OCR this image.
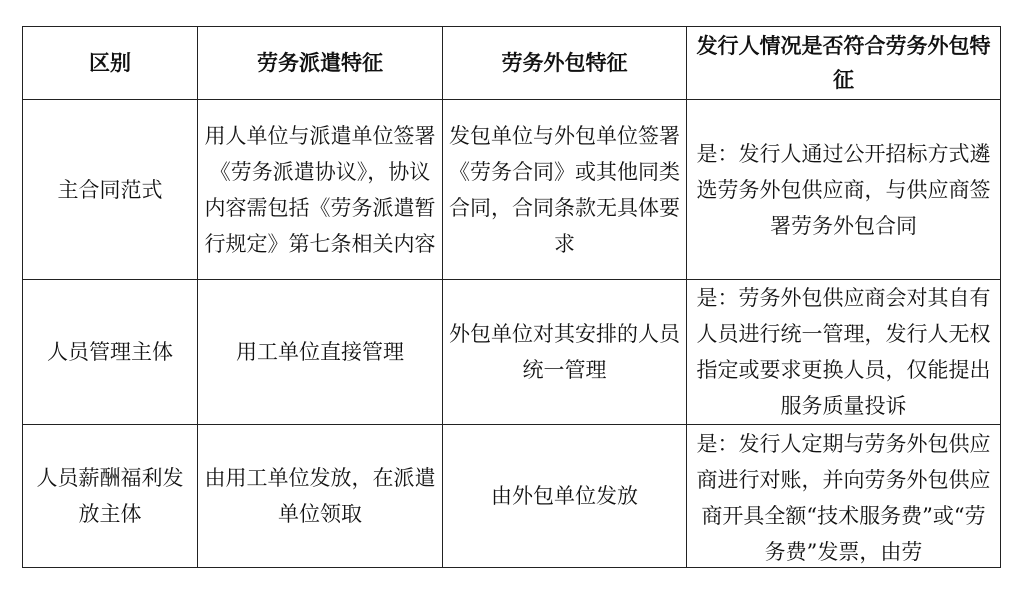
区别	劳务派遣特征	劳务外包特征	发行人情况是否符合劳务外包特征

主合同范式	用人单位与派遣单位签署《劳务派遣协议》，协议内容需包括《劳务派遣暂行规定》第七条相关内容	发包单位与外包单位签署《劳务合同》或其他同类合同，合同条款无具体要求	是：发行人通过公开招标方式遴选劳务外包供应商，与供应商签署劳务外包合同

人员管理主体	用工单位直接管理	外包单位对其安排的人员统一管理	是：劳务外包供应商会对其自有人员进行统一管理，发行人无权指定或要求更换人员，仅能提出服务质量投诉

人员薪酬福利发放主体	由用工单位发放，在派遣单位领取	由外包单位发放	是：发行人定期与劳务外包供应商进行对账，并向劳务外包供应商开具全额“技术服务费”或“劳务费”发票，由劳
